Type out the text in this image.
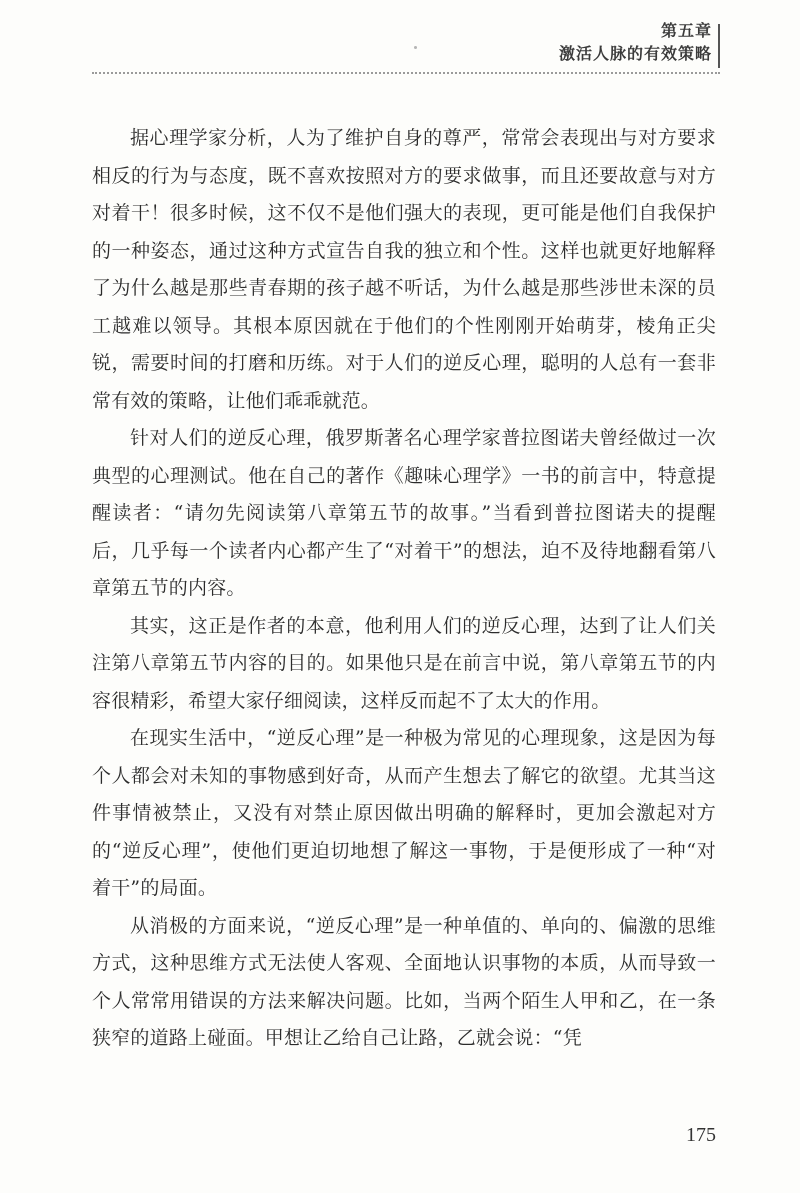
第五章
激活人脉的有效策略

据心理学家分析，人为了维护自身的尊严，常常会表现出与对方要求相反的行为与态度，既不喜欢按照对方的要求做事，而且还要故意与对方对着干！很多时候，这不仅不是他们强大的表现，更可能是他们自我保护的一种姿态，通过这种方式宣告自我的独立和个性。这样也就更好地解释了为什么越是那些青春期的孩子越不听话，为什么越是那些涉世未深的员工越难以领导。其根本原因就在于他们的个性刚刚开始萌芽，棱角正尖锐，需要时间的打磨和历练。对于人们的逆反心理，聪明的人总有一套非常有效的策略，让他们乖乖就范。

针对人们的逆反心理，俄罗斯著名心理学家普拉图诺夫曾经做过一次典型的心理测试。他在自己的著作《趣味心理学》一书的前言中，特意提醒读者：“请勿先阅读第八章第五节的故事。”当看到普拉图诺夫的提醒后，几乎每一个读者内心都产生了“对着干”的想法，迫不及待地翻看第八章第五节的内容。

其实，这正是作者的本意，他利用人们的逆反心理，达到了让人们关注第八章第五节内容的目的。如果他只是在前言中说，第八章第五节的内容很精彩，希望大家仔细阅读，这样反而起不了太大的作用。

在现实生活中，“逆反心理”是一种极为常见的心理现象，这是因为每个人都会对未知的事物感到好奇，从而产生想去了解它的欲望。尤其当这件事情被禁止，又没有对禁止原因做出明确的解释时，更加会激起对方的“逆反心理”，使他们更迫切地想了解这一事物，于是便形成了一种“对着干”的局面。

从消极的方面来说，“逆反心理”是一种单值的、单向的、偏激的思维方式，这种思维方式无法使人客观、全面地认识事物的本质，从而导致一个人常常用错误的方法来解决问题。比如，当两个陌生人甲和乙，在一条狭窄的道路上碰面。甲想让乙给自己让路，乙就会说：“凭

175
